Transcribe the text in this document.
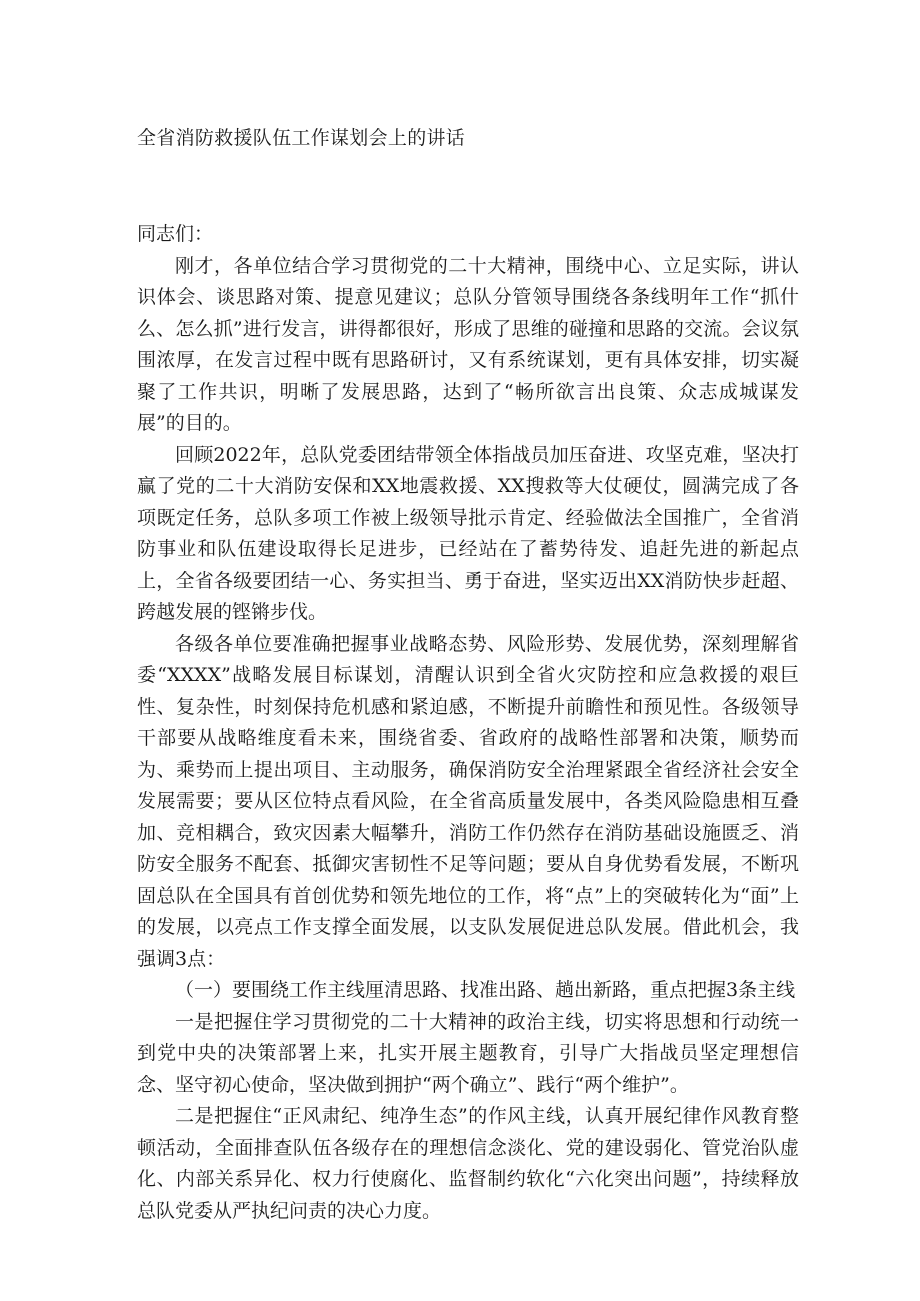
全省消防救援队伍工作谋划会上的讲话

同志们：

刚才，各单位结合学习贯彻党的二十大精神，围绕中心、立足实际，讲认识体会、谈思路对策、提意见建议；总队分管领导围绕各条线明年工作“抓什么、怎么抓”进行发言，讲得都很好，形成了思维的碰撞和思路的交流。会议氛围浓厚，在发言过程中既有思路研讨，又有系统谋划，更有具体安排，切实凝聚了工作共识，明晰了发展思路，达到了“畅所欲言出良策、众志成城谋发展”的目的。

回顾2022年，总队党委团结带领全体指战员加压奋进、攻坚克难，坚决打赢了党的二十大消防安保和XX地震救援、XX搜救等大仗硬仗，圆满完成了各项既定任务，总队多项工作被上级领导批示肯定、经验做法全国推广，全省消防事业和队伍建设取得长足进步，已经站在了蓄势待发、追赶先进的新起点上，全省各级要团结一心、务实担当、勇于奋进，坚实迈出XX消防快步赶超、跨越发展的铿锵步伐。

各级各单位要准确把握事业战略态势、风险形势、发展优势，深刻理解省委“XXXX”战略发展目标谋划，清醒认识到全省火灾防控和应急救援的艰巨性、复杂性，时刻保持危机感和紧迫感，不断提升前瞻性和预见性。各级领导干部要从战略维度看未来，围绕省委、省政府的战略性部署和决策，顺势而为、乘势而上提出项目、主动服务，确保消防安全治理紧跟全省经济社会安全发展需要；要从区位特点看风险，在全省高质量发展中，各类风险隐患相互叠加、竞相耦合，致灾因素大幅攀升，消防工作仍然存在消防基础设施匮乏、消防安全服务不配套、抵御灾害韧性不足等问题；要从自身优势看发展，不断巩固总队在全国具有首创优势和领先地位的工作，将“点”上的突破转化为“面”上的发展，以亮点工作支撑全面发展，以支队发展促进总队发展。借此机会，我强调3点：

（一）要围绕工作主线厘清思路、找准出路、趟出新路，重点把握3条主线

一是把握住学习贯彻党的二十大精神的政治主线，切实将思想和行动统一到党中央的决策部署上来，扎实开展主题教育，引导广大指战员坚定理想信念、坚守初心使命，坚决做到拥护“两个确立”、践行“两个维护”。

二是把握住“正风肃纪、纯净生态”的作风主线，认真开展纪律作风教育整顿活动，全面排查队伍各级存在的理想信念淡化、党的建设弱化、管党治队虚化、内部关系异化、权力行使腐化、监督制约软化“六化突出问题”，持续释放总队党委从严执纪问责的决心力度。
